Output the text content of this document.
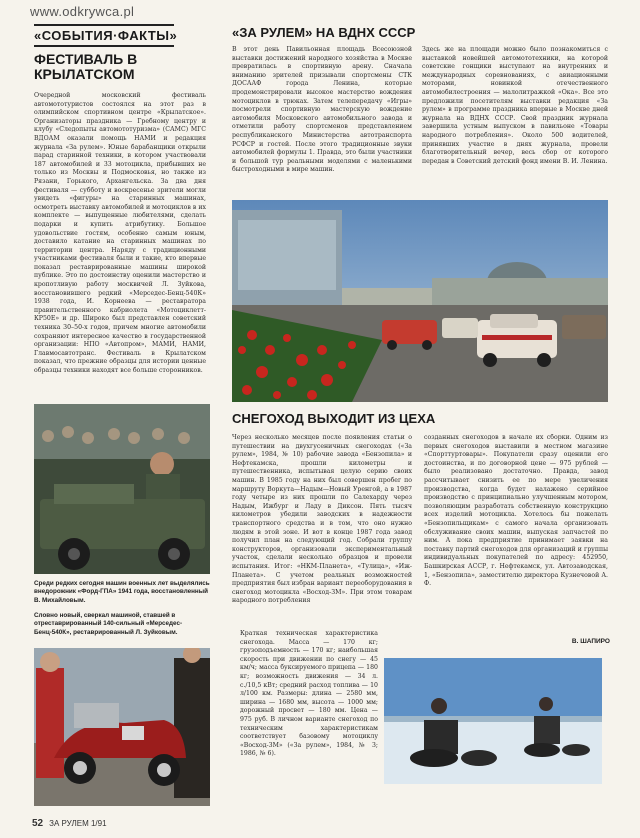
www.odkrywca.pl
«СОБЫТИЯ·ФАКТЫ»
ФЕСТИВАЛЬ В КРЫЛАТСКОМ
Очередной московский фестиваль автомототуристов состоялся на этот раз в олимпийском спортивном центре «Крылатское». Организаторы праздника — Гребному центру и клубу «Следопыты автомототуризма» (САМС) МГС ВДОАМ оказали помощь НАМИ и редакция журнала «За рулем». Юные барабанщики открыли парад старинной техники, в котором участвовали 187 автомобилей и 33 мотоцикла, прибывших не только из Москвы и Подмосковья, но также из Рязани, Горького, Архангельска. За два дня фестиваля — субботу и воскресенье зрители могли увидеть «фигуры» на старинных машинах, осмотреть выставку автомобилей и мотоциклов в их комплекте — выпущенные любителями, сделать подарки и купить атрибутику. Большое удовольствие гостям, особенно самым юным, доставило катание на старинных машинах по территории центра. Наряду с традиционными участниками фестиваля были и такие, кто впервые показал реставрированные машины широкой публике. Это по достоинству оценили мастерство и кропотливую работу москвичей Л. Зуйкова, восстановившего редкий «Мерседес-Бенц-540К» 1938 года, И. Корнеева — реставратора правительственного кабриолета «Мотоциклетт-КР50Е» и др. Широко был представлен советский техника 30–50-х годов, причем многие автомобили сохраняют интересное качество в государственной организации: НПО «Автопром», МАМИ, НАМИ, Главмосавтотранс. Фестиваль в Крылатском показал, что прежние образцы для истории ценные образцы техники находят все больше сторонников.
«ЗА РУЛЕМ» НА ВДНХ СССР
В этот день Павильонная площадь Всесоюзной выставки достижений народного хозяйства в Москве превратилась в спортивную арену. Сначала вниманию зрителей призывали спортсмены СТК ДОСААФ города Ленина, которые продемонстрировали высокое мастерство вождения мотоциклов в трюках. Затем телепередачу «Игры» посмотрели спортивную мастерскую вождение автомобиля Московского автомобильного завода и отметили работу спортсменов представлением республиканского Министерства автотранспорта РСФСР и гостей. После этого традиционные звуки автомобилей формулы 1. Правда, это были участники и большой тур реальными моделями с маленькими быстроходными в мире машин.
Здесь же на площади можно было познакомиться с выставкой новейшей автомототехники, на которой советские гонщики выступают на внутренних и международных соревнованиях, с авиационными моторами, новинкой отечественного автомобилестроения — малолитражкой «Ока». Все это предложили посетителям выставки редакция «За рулем» в программе праздника впервые в Москве дней журнала на ВДНХ СССР. Свой праздник журнала завершила устным выпуском в павильоне «Товары народного потребления». Около 500 водителей, принявших участие в днях журнала, провели благотворительный вечер, весь сбор от которого передан в Советский детский фонд имени В. И. Ленина.
СНЕГОХОД ВЫХОДИТ ИЗ ЦЕХА
Через несколько месяцев после появления статьи о путешествии на двухгусеничных снегоходах («За рулем», 1984, № 10) рабочие завода «Бензопила» и Нефтекамска, прошли километры и путешественника, испытывая целую серию своих машин. В 1985 году на них был совершен пробег по маршруту Воркута—Надым—Новый Уренгой, а в 1987 году четыре из них прошли по Салехарду через Надым, Ижбург и Ладу в Диксон. Пять тысяч километров убедили заводских в надежности транспортного средства и в том, что оно нужно людям в этой зоне. И вот в конце 1987 года завод получил план на следующий год. Собрали группу конструкторов, организовали экспериментальный участок, сделали несколько образцов и провели испытания. Итог: «НКМ-Планета», «Тулица», «Иж-Планета». С учетом реальных возможностей предприятия был избран вариант переоборудования в снегоход мотоцикла «Восход-3М». При этом товарам народного потребления
созданных снегоходов в начале их сборки. Одним из первых снегоходов выставили в местном магазине «Спорттуртовары». Покупатели сразу оценили его достоинства, и по договорной цене — 975 рублей — было реализовано достаточно. Правда, завод рассчитывает снизить ее по мере увеличения производства, когда будет налажено серийное производство с принципиально улучшенным мотором, позволяющим разработать собственную конструкцию всех изделий мотоцикла. Хотелось бы пожелать «Бензопильщикам» с самого начала организовать обслуживание своих машин, выпуская запчастей по ним. А пока предприятие принимает заявки на поставку партий снегоходов для организаций и группы индивидуальных покупателей по адресу: 452950, Башкирская АССР, г. Нефтекамск, ул. Автозаводская, 1, «Бензопила», заместителю директора Кузнечовой А. Ф.
В. ШАПИРО
Краткая техническая характеристика снегохода. Масса — 170 кг; грузоподъемность — 170 кг; наибольшая скорость при движении по снегу — 45 км/ч; масса буксируемого прицепа — 180 кг; возможность движения — 34 л. с./10,5 кВт; средний расход топлива — 10 л/100 км. Размеры: длина — 2580 мм, ширина — 1680 мм, высота — 1000 мм; дорожный просвет — 180 мм. Цена — 975 руб. В личном варианте снегоход по техническим характеристикам соответствует базовому мотоциклу «Восход-3М» («За рулем», 1984, № 3; 1986, № 6).
Среди редких сегодня машин военных лет выделялись внедорожник «Форд-ГПА» 1941 года, восстановленный В. Михайловым.
Словно новый, сверкал машиной, ставшей в отреставрированный 140-сильный «Мерседес-Бенц-540К», реставрированный Л. Зуйковым.
52 ЗА РУЛЕМ 1/91
